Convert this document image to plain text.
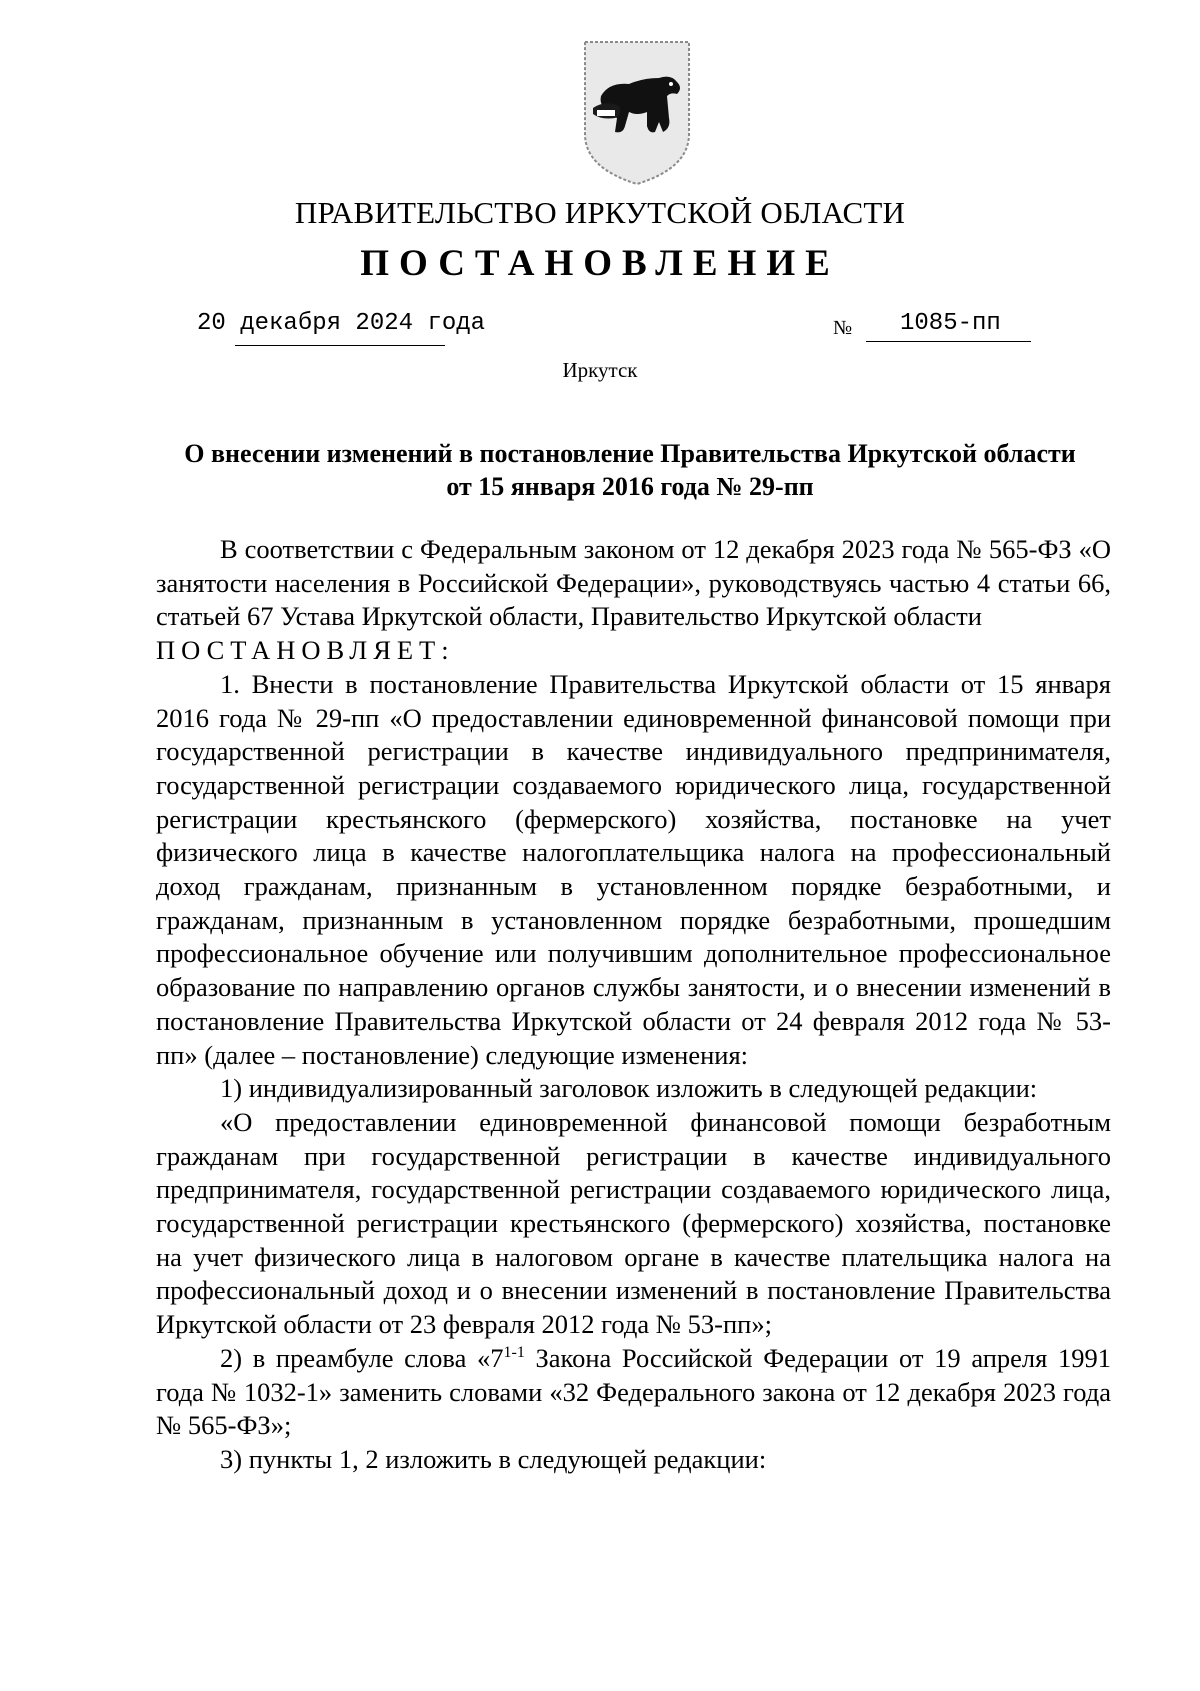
ПРАВИТЕЛЬСТВО ИРКУТСКОЙ ОБЛАСТИ
ПОСТАНОВЛЕНИЕ
20 декабря 2024 года	№ 1085-пп
Иркутск
О внесении изменений в постановление Правительства Иркутской области
от 15 января 2016 года № 29-пп

В соответствии с Федеральным законом от 12 декабря 2023 года № 565-ФЗ «О занятости населения в Российской Федерации», руководствуясь частью 4 статьи 66, статьей 67 Устава Иркутской области, Правительство Иркутской области

ПОСТАНОВЛЯЕТ:

1. Внести в постановление Правительства Иркутской области от 15 января 2016 года № 29-пп «О предоставлении единовременной финансовой помощи при государственной регистрации в качестве индивидуального предпринимателя, государственной регистрации создаваемого юридического лица, государственной регистрации крестьянского (фермерского) хозяйства, постановке на учет физического лица в качестве налогоплательщика налога на профессиональный доход гражданам, признанным в установленном порядке безработными, и гражданам, признанным в установленном порядке безработными, прошедшим профессиональное обучение или получившим дополнительное профессиональное образование по направлению органов службы занятости, и о внесении изменений в постановление Правительства Иркутской области от 24 февраля 2012 года № 53-пп» (далее – постановление) следующие изменения:

1) индивидуализированный заголовок изложить в следующей редакции:

«О предоставлении единовременной финансовой помощи безработным гражданам при государственной регистрации в качестве индивидуального предпринимателя, государственной регистрации создаваемого юридического лица, государственной регистрации крестьянского (фермерского) хозяйства, постановке на учет физического лица в налоговом органе в качестве плательщика налога на профессиональный доход и о внесении изменений в постановление Правительства Иркутской области от 23 февраля 2012 года № 53-пп»;

2) в преамбуле слова «7$^{1-1}$ Закона Российской Федерации от 19 апреля 1991 года № 1032-1» заменить словами «32 Федерального закона от 12 декабря 2023 года № 565-ФЗ»;

3) пункты 1, 2 изложить в следующей редакции:
